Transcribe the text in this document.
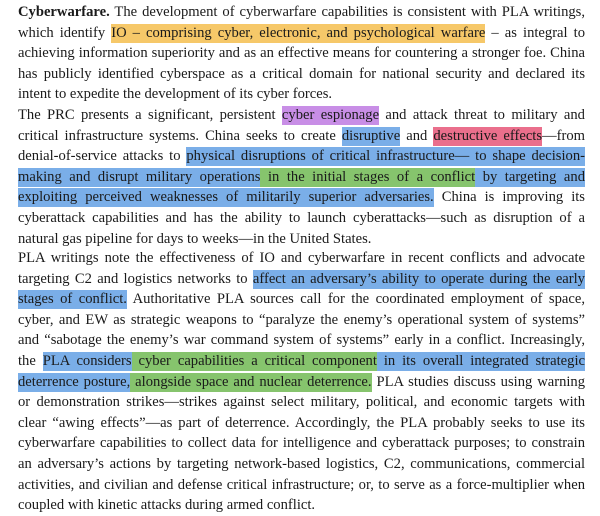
Cyberwarfare. The development of cyberwarfare capabilities is consistent with PLA writings, which identify IO – comprising cyber, electronic, and psychological warfare – as integral to achieving information superiority and as an effective means for countering a stronger foe. China has publicly identified cyberspace as a critical domain for national security and declared its intent to expedite the development of its cyber forces.

The PRC presents a significant, persistent cyber espionage and attack threat to military and critical infrastructure systems. China seeks to create disruptive and destructive effects—from denial-of-service attacks to physical disruptions of critical infrastructure— to shape decision-making and disrupt military operations in the initial stages of a conflict by targeting and exploiting perceived weaknesses of militarily superior adversaries. China is improving its cyberattack capabilities and has the ability to launch cyberattacks—such as disruption of a natural gas pipeline for days to weeks—in the United States.

PLA writings note the effectiveness of IO and cyberwarfare in recent conflicts and advocate targeting C2 and logistics networks to affect an adversary’s ability to operate during the early stages of conflict. Authoritative PLA sources call for the coordinated employment of space, cyber, and EW as strategic weapons to “paralyze the enemy’s operational system of systems” and “sabotage the enemy’s war command system of systems” early in a conflict. Increasingly, the PLA considers cyber capabilities a critical component in its overall integrated strategic deterrence posture, alongside space and nuclear deterrence. PLA studies discuss using warning or demonstration strikes—strikes against select military, political, and economic targets with clear “awing effects”—as part of deterrence. Accordingly, the PLA probably seeks to use its cyberwarfare capabilities to collect data for intelligence and cyberattack purposes; to constrain an adversary’s actions by targeting network-based logistics, C2, communications, commercial activities, and civilian and defense critical infrastructure; or, to serve as a force-multiplier when coupled with kinetic attacks during armed conflict.
